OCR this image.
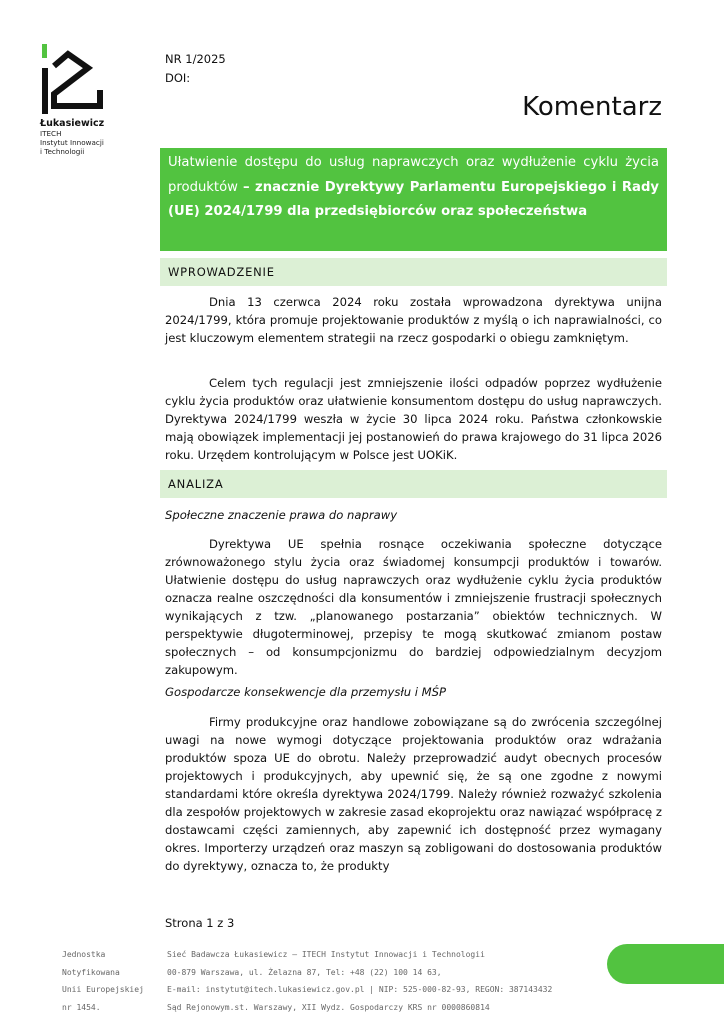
Łukasiewicz
ITECH
Instytut Innowacji
i Technologii
NR 1/2025
DOI:
Komentarz
Ułatwienie dostępu do usług naprawczych oraz wydłużenie cyklu życia produktów – znacznie Dyrektywy Parlamentu Europejskiego i Rady (UE) 2024/1799 dla przedsiębiorców oraz społeczeństwa
WPROWADZENIE
Dnia 13 czerwca 2024 roku została wprowadzona dyrektywa unijna 2024/1799, która promuje projektowanie produktów z myślą o ich naprawialności, co jest kluczowym elementem strategii na rzecz gospodarki o obiegu zamkniętym.
Celem tych regulacji jest zmniejszenie ilości odpadów poprzez wydłużenie cyklu życia produktów oraz ułatwienie konsumentom dostępu do usług naprawczych. Dyrektywa 2024/1799 weszła w życie 30 lipca 2024 roku. Państwa członkowskie mają obowiązek implementacji jej postanowień do prawa krajowego do 31 lipca 2026 roku. Urzędem kontrolującym w Polsce jest UOKiK.
ANALIZA
Społeczne znaczenie prawa do naprawy
Dyrektywa UE spełnia rosnące oczekiwania społeczne dotyczące zrównoważonego stylu życia oraz świadomej konsumpcji produktów i towarów. Ułatwienie dostępu do usług naprawczych oraz wydłużenie cyklu życia produktów oznacza realne oszczędności dla konsumentów i zmniejszenie frustracji społecznych wynikających z tzw. „planowanego postarzania” obiektów technicznych. W perspektywie długoterminowej, przepisy te mogą skutkować zmianom postaw społecznych – od konsumpcjonizmu do bardziej odpowiedzialnym decyzjom zakupowym.
Gospodarcze konsekwencje dla przemysłu i MŚP
Firmy produkcyjne oraz handlowe zobowiązane są do zwrócenia szczególnej uwagi na nowe wymogi dotyczące projektowania produktów oraz wdrażania produktów spoza UE do obrotu. Należy przeprowadzić audyt obecnych procesów projektowych i produkcyjnych, aby upewnić się, że są one zgodne z nowymi standardami które określa dyrektywa 2024/1799. Należy również rozważyć szkolenia dla zespołów projektowych w zakresie zasad ekoprojektu oraz nawiązać współpracę z dostawcami części zamiennych, aby zapewnić ich dostępność przez wymagany okres. Importerzy urządzeń oraz maszyn są zobligowani do dostosowania produktów do dyrektywy, oznacza to, że produkty
Strona 1 z 3
Jednostka
Notyfikowana
Unii Europejskiej
nr 1454.
Sieć Badawcza Łukasiewicz – ITECH Instytut Innowacji i Technologii
00-879 Warszawa, ul. Żelazna 87, Tel: +48 (22) 100 14 63,
E-mail: instytut@itech.lukasiewicz.gov.pl | NIP: 525-000-82-93, REGON: 387143432
Sąd Rejonowym.st. Warszawy, XII Wydz. Gospodarczy KRS nr 0000860814
